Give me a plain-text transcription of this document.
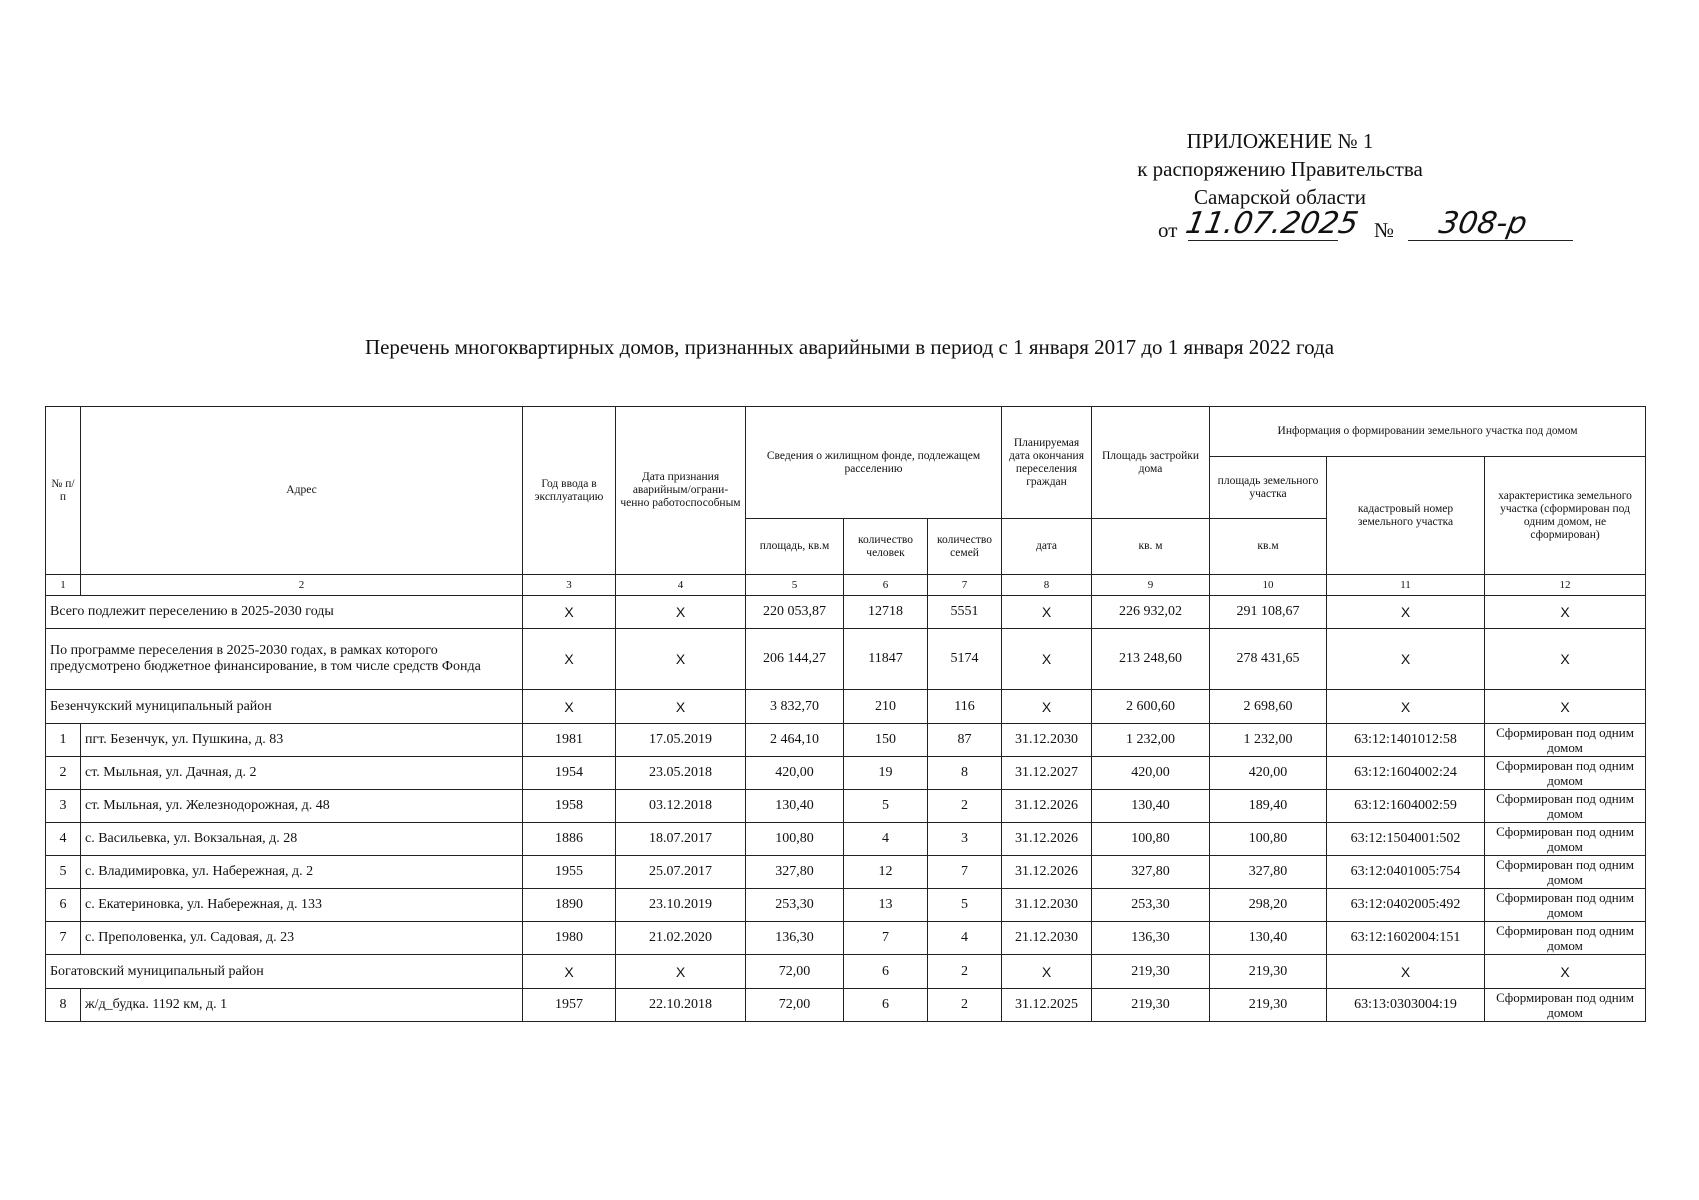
ПРИЛОЖЕНИЕ № 1
к распоряжению Правительства
Самарской области
от 11.07.2025 № 308-р
Перечень многоквартирных домов, признанных аварийными в период с 1 января 2017 до 1 января 2022 года
№ п/п	Адрес	Год ввода в эксплуатацию	Дата признания аварийным/ограни-ченно работоспособным	Сведения о жилищном фонде, подлежащем расселению			Планируемая дата окончания переселения граждан	Площадь застройки дома	Информация о формировании земельного участка под домом		
									площадь земельного участка	кадастровый номер земельного участка	характеристика земельного участка (сформирован под одним домом, не сформирован)
				площадь, кв.м	количество человек	количество семей	дата	кв. м	кв.м		
1	2	3	4	5	6	7	8	9	10	11	12
Всего подлежит переселению в 2025-2030 годы		X	X	220 053,87	12718	5551	X	226 932,02	291 108,67	X	X
По программе переселения в 2025-2030 годах, в рамках которого предусмотрено бюджетное финансирование, в том числе средств Фонда		X	X	206 144,27	11847	5174	X	213 248,60	278 431,65	X	X
Безенчукский муниципальный район		X	X	3 832,70	210	116	X	2 600,60	2 698,60	X	X
1	пгт. Безенчук, ул. Пушкина, д. 83	1981	17.05.2019	2 464,10	150	87	31.12.2030	1 232,00	1 232,00	63:12:1401012:58	Сформирован под одним домом
2	ст. Мыльная, ул. Дачная, д. 2	1954	23.05.2018	420,00	19	8	31.12.2027	420,00	420,00	63:12:1604002:24	Сформирован под одним домом
3	ст. Мыльная, ул. Железнодорожная, д. 48	1958	03.12.2018	130,40	5	2	31.12.2026	130,40	189,40	63:12:1604002:59	Сформирован под одним домом
4	с. Васильевка, ул. Вокзальная, д. 28	1886	18.07.2017	100,80	4	3	31.12.2026	100,80	100,80	63:12:1504001:502	Сформирован под одним домом
5	с. Владимировка, ул. Набережная, д. 2	1955	25.07.2017	327,80	12	7	31.12.2026	327,80	327,80	63:12:0401005:754	Сформирован под одним домом
6	с. Екатериновка, ул. Набережная, д. 133	1890	23.10.2019	253,30	13	5	31.12.2030	253,30	298,20	63:12:0402005:492	Сформирован под одним домом
7	с. Преполовенка, ул. Садовая, д. 23	1980	21.02.2020	136,30	7	4	21.12.2030	136,30	130,40	63:12:1602004:151	Сформирован под одним домом
Богатовский муниципальный район		X	X	72,00	6	2	X	219,30	219,30	X	X
8	ж/д_будка. 1192 км, д. 1	1957	22.10.2018	72,00	6	2	31.12.2025	219,30	219,30	63:13:0303004:19	Сформирован под одним домом
